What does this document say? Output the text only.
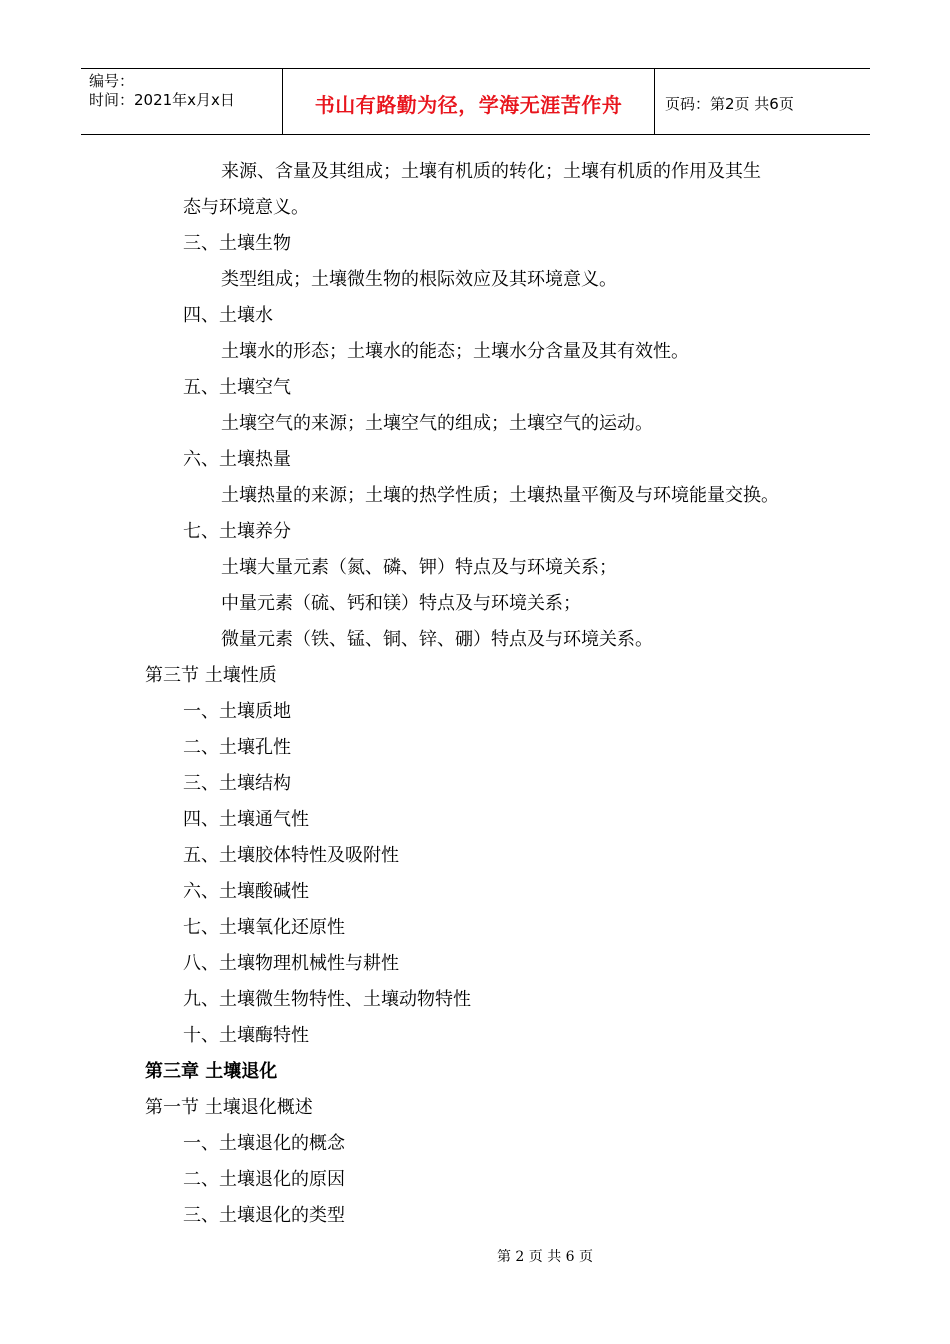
编号：
时间：2021年x月x日	书山有路勤为径，学海无涯苦作舟	页码：第2页 共6页
来源、含量及其组成；土壤有机质的转化；土壤有机质的作用及其生
态与环境意义。
三、土壤生物
类型组成；土壤微生物的根际效应及其环境意义。
四、土壤水
土壤水的形态；土壤水的能态；土壤水分含量及其有效性。
五、土壤空气
土壤空气的来源；土壤空气的组成；土壤空气的运动。
六、土壤热量
土壤热量的来源；土壤的热学性质；土壤热量平衡及与环境能量交换。
七、土壤养分
土壤大量元素（氮、磷、钾）特点及与环境关系；
中量元素（硫、钙和镁）特点及与环境关系；
微量元素（铁、锰、铜、锌、硼）特点及与环境关系。
第三节 土壤性质
一、土壤质地
二、土壤孔性
三、土壤结构
四、土壤通气性
五、土壤胶体特性及吸附性
六、土壤酸碱性
七、土壤氧化还原性
八、土壤物理机械性与耕性
九、土壤微生物特性、土壤动物特性
十、土壤酶特性
第三章 土壤退化
第一节 土壤退化概述
一、土壤退化的概念
二、土壤退化的原因
三、土壤退化的类型
第 2 页 共 6 页
